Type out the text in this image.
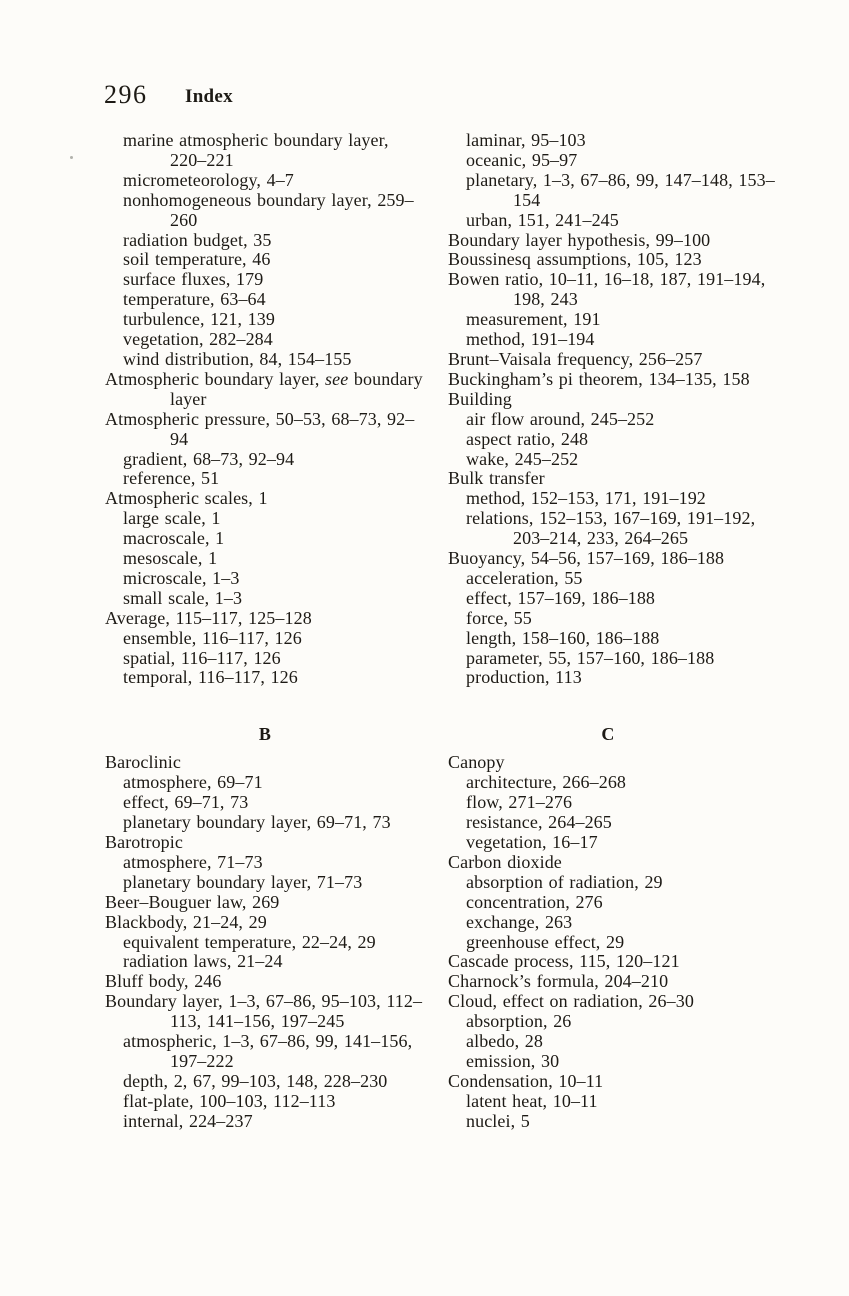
296 Index
marine atmospheric boundary layer,
220–221
micrometeorology, 4–7
nonhomogeneous boundary layer, 259–
260
radiation budget, 35
soil temperature, 46
surface fluxes, 179
temperature, 63–64
turbulence, 121, 139
vegetation, 282–284
wind distribution, 84, 154–155
Atmospheric boundary layer, see boundary
layer
Atmospheric pressure, 50–53, 68–73, 92–
94
gradient, 68–73, 92–94
reference, 51
Atmospheric scales, 1
large scale, 1
macroscale, 1
mesoscale, 1
microscale, 1–3
small scale, 1–3
Average, 115–117, 125–128
ensemble, 116–117, 126
spatial, 116–117, 126
temporal, 116–117, 126
B
Baroclinic
atmosphere, 69–71
effect, 69–71, 73
planetary boundary layer, 69–71, 73
Barotropic
atmosphere, 71–73
planetary boundary layer, 71–73
Beer–Bouguer law, 269
Blackbody, 21–24, 29
equivalent temperature, 22–24, 29
radiation laws, 21–24
Bluff body, 246
Boundary layer, 1–3, 67–86, 95–103, 112–
113, 141–156, 197–245
atmospheric, 1–3, 67–86, 99, 141–156,
197–222
depth, 2, 67, 99–103, 148, 228–230
flat-plate, 100–103, 112–113
internal, 224–237
laminar, 95–103
oceanic, 95–97
planetary, 1–3, 67–86, 99, 147–148, 153–
154
urban, 151, 241–245
Boundary layer hypothesis, 99–100
Boussinesq assumptions, 105, 123
Bowen ratio, 10–11, 16–18, 187, 191–194,
198, 243
measurement, 191
method, 191–194
Brunt–Vaisala frequency, 256–257
Buckingham’s pi theorem, 134–135, 158
Building
air flow around, 245–252
aspect ratio, 248
wake, 245–252
Bulk transfer
method, 152–153, 171, 191–192
relations, 152–153, 167–169, 191–192,
203–214, 233, 264–265
Buoyancy, 54–56, 157–169, 186–188
acceleration, 55
effect, 157–169, 186–188
force, 55
length, 158–160, 186–188
parameter, 55, 157–160, 186–188
production, 113
C
Canopy
architecture, 266–268
flow, 271–276
resistance, 264–265
vegetation, 16–17
Carbon dioxide
absorption of radiation, 29
concentration, 276
exchange, 263
greenhouse effect, 29
Cascade process, 115, 120–121
Charnock’s formula, 204–210
Cloud, effect on radiation, 26–30
absorption, 26
albedo, 28
emission, 30
Condensation, 10–11
latent heat, 10–11
nuclei, 5
